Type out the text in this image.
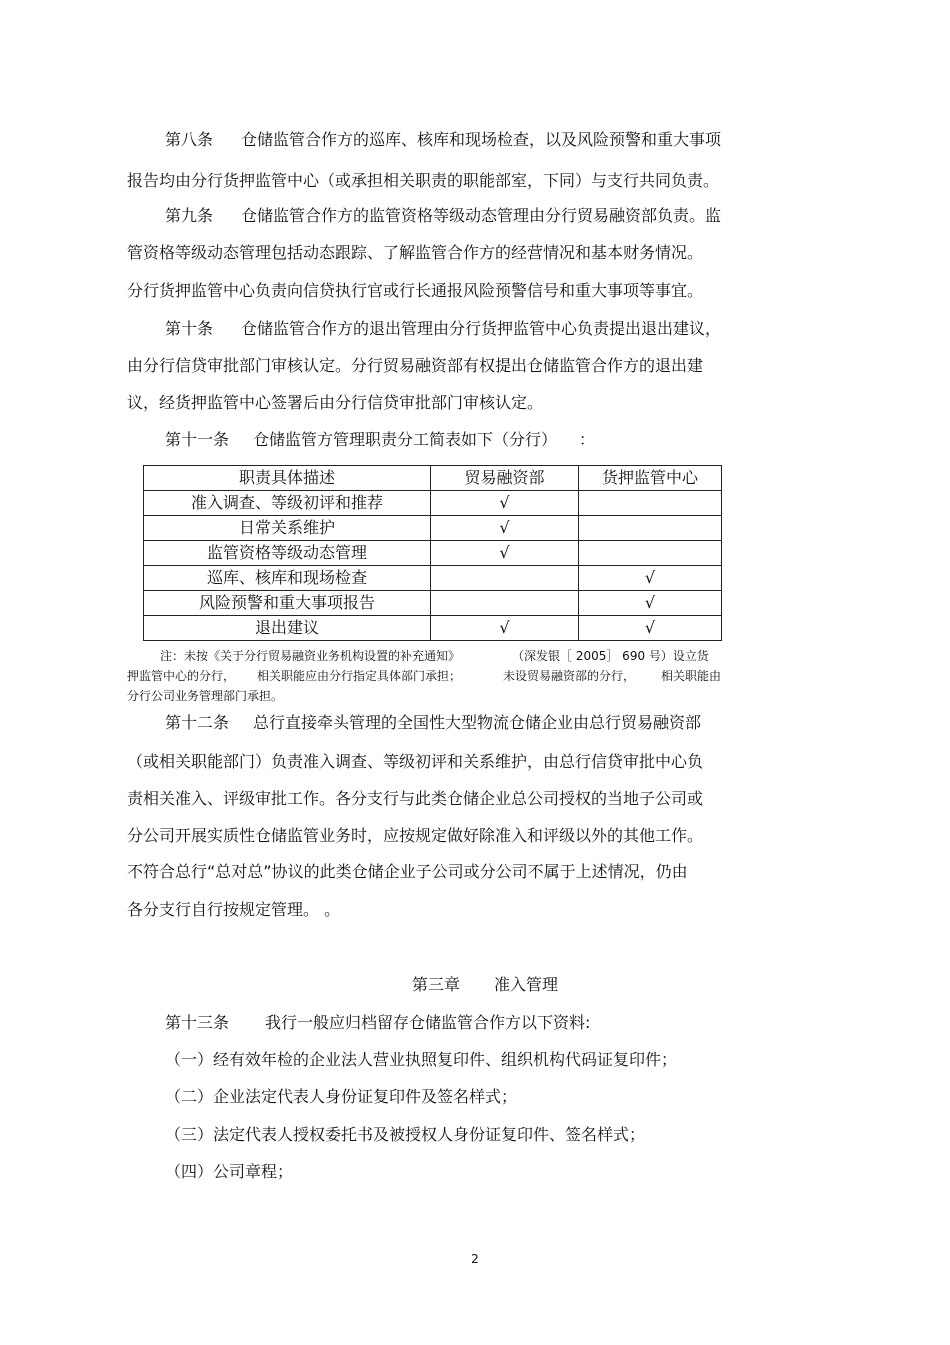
第八条 仓储监管合作方的巡库、核库和现场检查，以及风险预警和重大事项
报告均由分行货押监管中心（或承担相关职责的职能部室，下同）与支行共同负责。
第九条 仓储监管合作方的监管资格等级动态管理由分行贸易融资部负责。监
管资格等级动态管理包括动态跟踪、了解监管合作方的经营情况和基本财务情况。
分行货押监管中心负责向信贷执行官或行长通报风险预警信号和重大事项等事宜。
第十条 仓储监管合作方的退出管理由分行货押监管中心负责提出退出建议，
由分行信贷审批部门审核认定。分行贸易融资部有权提出仓储监管合作方的退出建
议，经货押监管中心签署后由分行信贷审批部门审核认定。
第十一条 仓储监管方管理职责分工简表如下（分行） ：
职责具体描述	贸易融资部	货押监管中心
准入调查、等级初评和推荐	√	
日常关系维护	√	
监管资格等级动态管理	√	
巡库、核库和现场检查		√
风险预警和重大事项报告		√
退出建议	√	√
注：未按《关于分行贸易融资业务机构设置的补充通知》	（深发银［ 2005］ 690 号）设立货
押监管中心的分行， 相关职能应由分行指定具体部门承担；	未设贸易融资部的分行， 相关职能由
分行公司业务管理部门承担。
第十二条 总行直接牵头管理的全国性大型物流仓储企业由总行贸易融资部
（或相关职能部门）负责准入调查、等级初评和关系维护，由总行信贷审批中心负
责相关准入、评级审批工作。各分支行与此类仓储企业总公司授权的当地子公司或
分公司开展实质性仓储监管业务时，应按规定做好除准入和评级以外的其他工作。
不符合总行“总对总”协议的此类仓储企业子公司或分公司不属于上述情况，仍由
各分支行自行按规定管理。 。
第三章 准入管理
第十三条 我行一般应归档留存仓储监管合作方以下资料:
（一）经有效年检的企业法人营业执照复印件、组织机构代码证复印件；
（二）企业法定代表人身份证复印件及签名样式；
（三）法定代表人授权委托书及被授权人身份证复印件、签名样式；
（四）公司章程；
2
